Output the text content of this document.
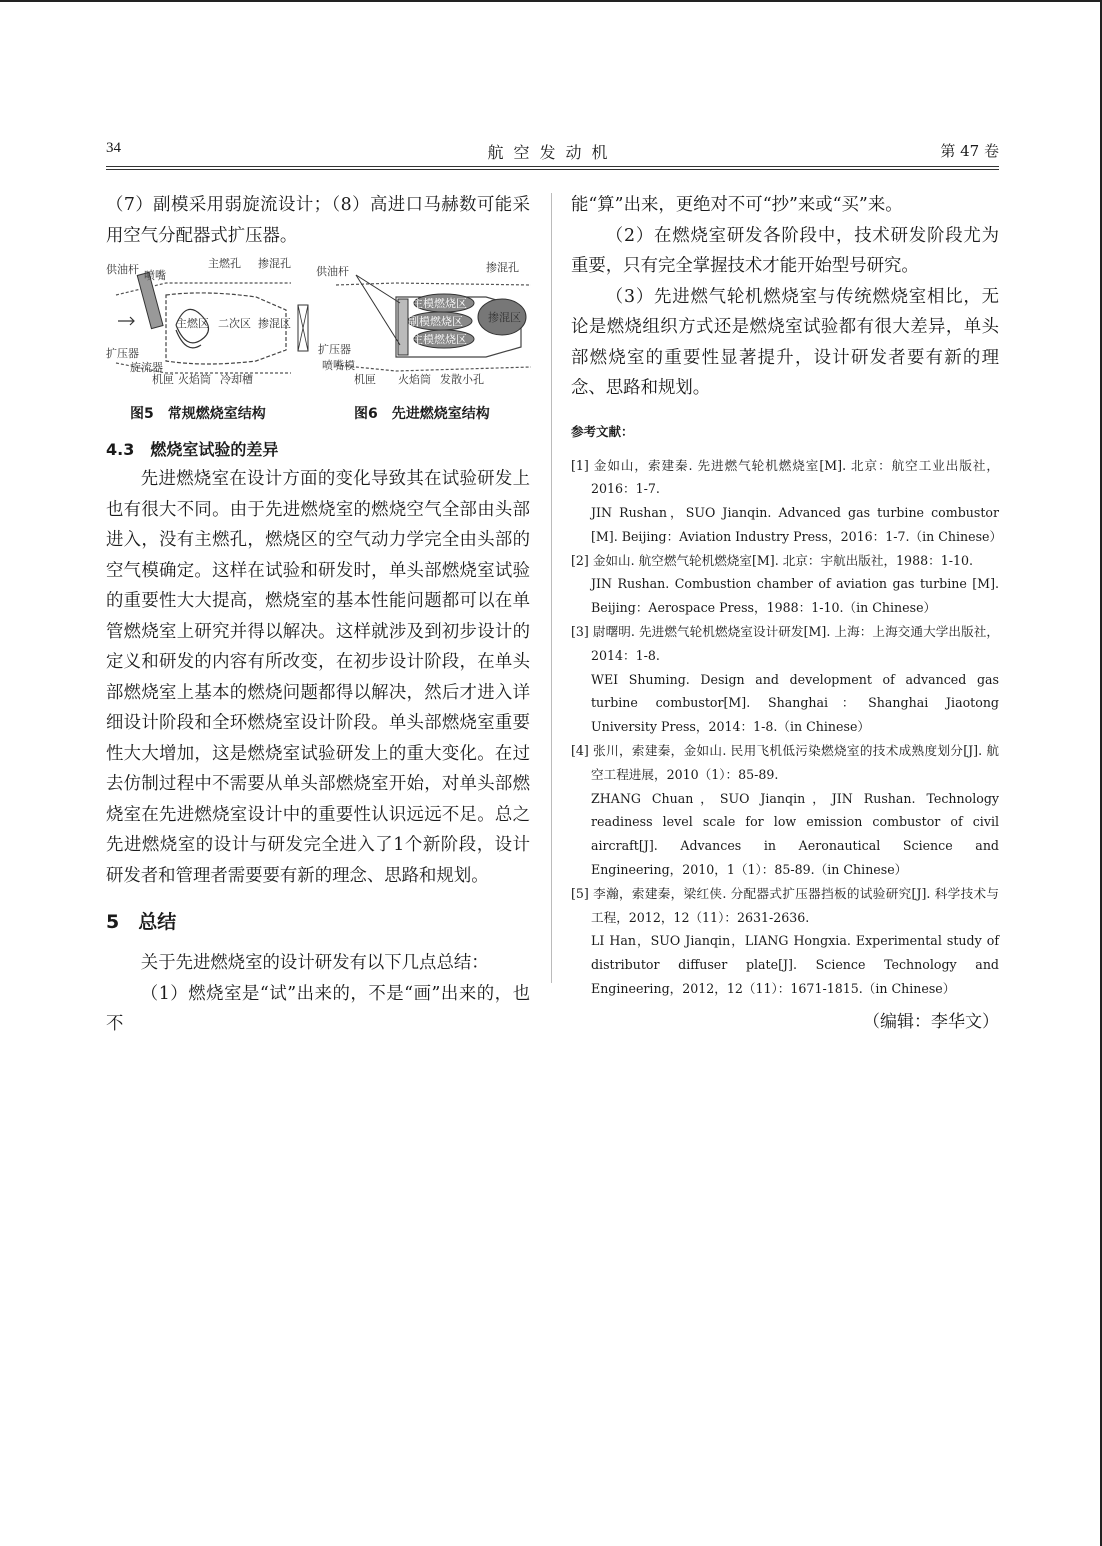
34	航空发动机	第 47 卷

（7）副模采用弱旋流设计；（8）高进口马赫数可能采用空气分配器式扩压器。

供油杆 喷嘴
主燃孔 掺混孔
主燃区 二次区 掺混区
扩压器
旋流器
机匣 火焰筒 冷却槽
图5　常规燃烧室结构
供油杆	掺混孔
主模燃烧区
副模燃烧区
主模燃烧区
掺混区
扩压器
喷嘴模
机匣 火焰筒 发散小孔
图6　先进燃烧室结构
4.3　燃烧室试验的差异

先进燃烧室在设计方面的变化导致其在试验研发上也有很大不同。由于先进燃烧室的燃烧空气全部由头部进入，没有主燃孔，燃烧区的空气动力学完全由头部的空气模确定。这样在试验和研发时，单头部燃烧室试验的重要性大大提高，燃烧室的基本性能问题都可以在单管燃烧室上研究并得以解决。这样就涉及到初步设计的定义和研发的内容有所改变，在初步设计阶段，在单头部燃烧室上基本的燃烧问题都得以解决，然后才进入详细设计阶段和全环燃烧室设计阶段。单头部燃烧室重要性大大增加，这是燃烧室试验研发上的重大变化。在过去仿制过程中不需要从单头部燃烧室开始，对单头部燃烧室在先进燃烧室设计中的重要性认识远远不足。总之先进燃烧室的设计与研发完全进入了1个新阶段，设计研发者和管理者需要要有新的理念、思路和规划。

5　总结

关于先进燃烧室的设计研发有以下几点总结：

（1）燃烧室是“试”出来的，不是“画”出来的，也不

能“算”出来，更绝对不可“抄”来或“买”来。

（2）在燃烧室研发各阶段中，技术研发阶段尤为重要，只有完全掌握技术才能开始型号研究。

（3）先进燃气轮机燃烧室与传统燃烧室相比，无论是燃烧组织方式还是燃烧室试验都有很大差异，单头部燃烧室的重要性显著提升，设计研发者要有新的理念、思路和规划。

参考文献：
[1] 金如山，索建秦. 先进燃气轮机燃烧室[M]. 北京：航空工业出版社，2016：1-7.
JIN Rushan，SUO Jianqin. Advanced gas turbine combustor [M]. Beijing：Aviation Industry Press，2016：1-7.（in Chinese）
[2] 金如山. 航空燃气轮机燃烧室[M]. 北京：宇航出版社，1988：1-10.
JIN Rushan. Combustion chamber of aviation gas turbine [M]. Beijing：Aerospace Press，1988：1-10.（in Chinese）
[3] 尉曙明. 先进燃气轮机燃烧室设计研发[M]. 上海：上海交通大学出版社，2014：1-8.
WEI Shuming. Design and development of advanced gas turbine combustor[M]. Shanghai：Shanghai Jiaotong University Press，2014：1-8.（in Chinese）
[4] 张川，索建秦，金如山. 民用飞机低污染燃烧室的技术成熟度划分[J]. 航空工程进展，2010（1）：85-89.
ZHANG Chuan，SUO Jianqin，JIN Rushan. Technology readiness level scale for low emission combustor of civil aircraft[J]. Advances in Aeronautical Science and Engineering，2010，1（1）：85-89.（in Chinese）
[5] 李瀚，索建秦，梁红侠. 分配器式扩压器挡板的试验研究[J]. 科学技术与工程，2012，12（11）：2631-2636.
LI Han，SUO Jianqin，LIANG Hongxia. Experimental study of distributor diffuser plate[J]. Science Technology and Engineering，2012，12（11）：1671-1815.（in Chinese）
（编辑：李华文）
